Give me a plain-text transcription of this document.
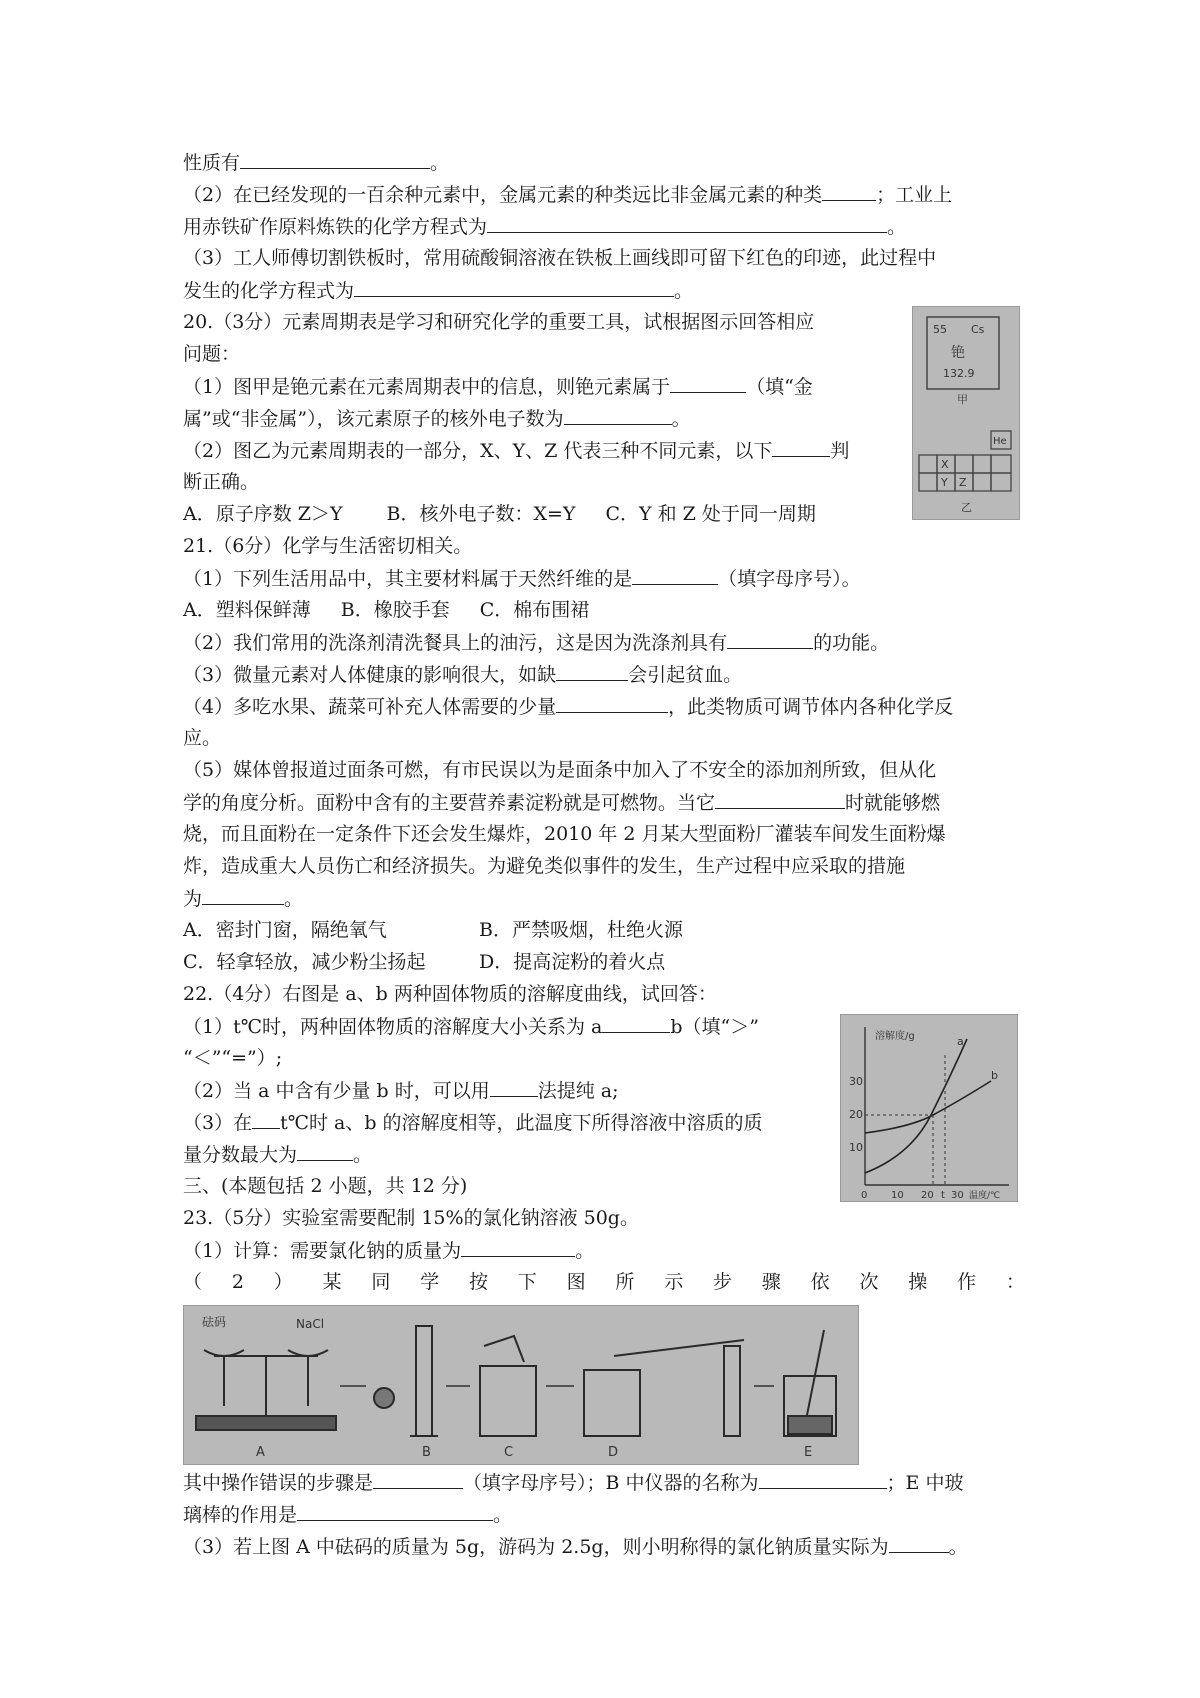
性质有	。
（2）在已经发现的一百余种元素中，金属元素的种类远比非金属元素的种类	；工业上
用赤铁矿作原料炼铁的化学方程式为	。
（3）工人师傅切割铁板时，常用硫酸铜溶液在铁板上画线即可留下红色的印迹，此过程中
发生的化学方程式为	。
20.（3分）元素周期表是学习和研究化学的重要工具，试根据图示回答相应
问题：
（1）图甲是铯元素在元素周期表中的信息，则铯元素属于	（填“金
属”或“非金属”），该元素原子的核外电子数为	。
（2）图乙为元素周期表的一部分，X、Y、Z 代表三种不同元素，以下	判
断正确。
A．原子序数 Z＞Y B．核外电子数：X=Y C．Y 和 Z 处于同一周期
55 Cs
铯
132.9
甲
He
X
Y Z
乙
21.（6分）化学与生活密切相关。
（1）下列生活用品中，其主要材料属于天然纤维的是	（填字母序号）。
A．塑料保鲜薄 B．橡胶手套 C．棉布围裙
（2）我们常用的洗涤剂清洗餐具上的油污，这是因为洗涤剂具有	的功能。
（3）微量元素对人体健康的影响很大，如缺	会引起贫血。
（4）多吃水果、蔬菜可补充人体需要的少量	，此类物质可调节体内各种化学反
应。
（5）媒体曾报道过面条可燃，有市民误以为是面条中加入了不安全的添加剂所致，但从化
学的角度分析。面粉中含有的主要营养素淀粉就是可燃物。当它	时就能够燃
烧，而且面粉在一定条件下还会发生爆炸，2010 年 2 月某大型面粉厂灌装车间发生面粉爆
炸，造成重大人员伤亡和经济损失。为避免类似事件的发生，生产过程中应采取的措施
为	。
A．密封门窗，隔绝氧气	B．严禁吸烟，杜绝火源
C．轻拿轻放，减少粉尘扬起	D．提高淀粉的着火点
22.（4分）右图是 a、b 两种固体物质的溶解度曲线，试回答：
（1）t℃时，两种固体物质的溶解度大小关系为 a	b（填“＞”
“＜”“=”）;
（2）当 a 中含有少量 b 时，可以用	法提纯 a;
（3）在 t℃时 a、b 的溶解度相等，此温度下所得溶液中溶质的质
量分数最大为	。
溶解度/g
30
20
10
0 10 20 t 30 温度/℃
a
b
三、(本题包括 2 小题，共 12 分)
23.（5分）实验室需要配制 15%的氯化钠溶液 50g。
（1）计算：需要氯化钠的质量为	。
（ 2 ） 某 同 学 按 下 图 所 示 步 骤 依 次 操 作 ：
砝码	NaCl
A	B	C	D	E
其中操作错误的步骤是	（填字母序号）；B 中仪器的名称为	；E 中玻
璃棒的作用是	。
（3）若上图 A 中砝码的质量为 5g，游码为 2.5g，则小明称得的氯化钠质量实际为	。
